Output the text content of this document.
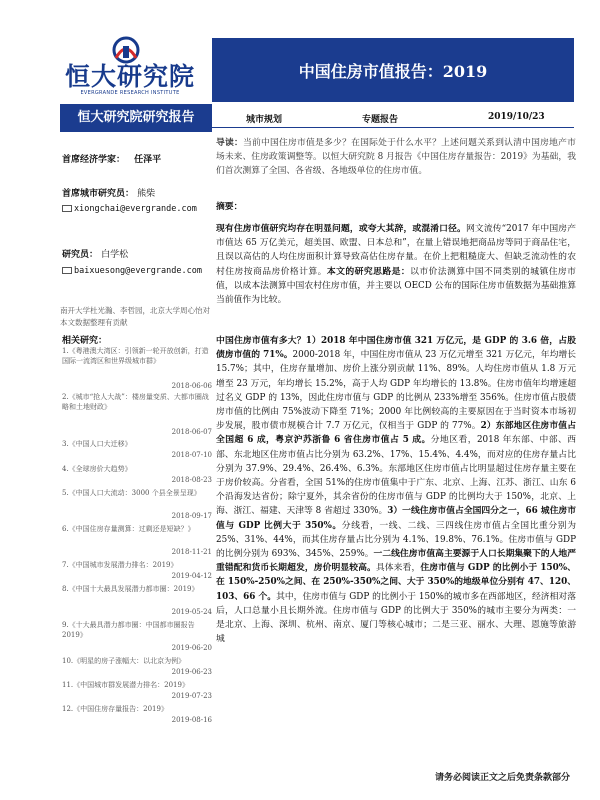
恒大研究院
EVERGRANDE RESEARCH INSTITUTE
中国住房市值报告：2019
城市规划	专题报告	2019/10/23
恒大研究院研究报告
首席经济学家： 任泽平
首席城市研究员： 熊柴
xiongchai@evergrande.com
研究员： 白学松
baixuesong@evergrande.com
南开大学杜光瀚、李哲园，北京大学周心怡对本文数据整理有贡献
相关研究：
1.《粤港澳大湾区：引领新一轮开放创新，打造国际一流湾区和世界级城市群》
2018-06-06
2.《城市“抢人大战”：楼房量变质、大都市圈战略和土地财政》
2018-06-07
3.《中国人口大迁移》
2018-07-10
4.《全球房价大趋势》
2018-08-23
5.《中国人口大流动：3000 个县全景呈现》
2018-09-17
6.《中国住房存量测算：过剩还是短缺？》
2018-11-21
7.《中国城市发展潜力排名：2019》
2019-04-12
8.《中国十大最具发展潜力都市圈：2019》
2019-05-24
9.《十大最具潜力都市圈：中国都市圈报告 2019》
2019-06-20
10.《明星的房子涨幅大：以北京为例》
2019-06-23
11.《中国城市群发展潜力排名：2019》
2019-07-23
12.《中国住房存量报告：2019》
2019-08-16
导读：当前中国住房市值是多少？在国际处于什么水平？上述问题关系到认清中国房地产市场未来、住房政策调整等。以恒大研究院 8 月报告《中国住房存量报告：2019》为基础，我们首次测算了全国、各省级、各地级单位的住房市值。
摘要：
现有住房市值研究均存在明显问题，或夸大其辞，或混淆口径。网文流传“2017 年中国房产市值达 65 万亿美元，超美国、欧盟、日本总和”，在量上错误地把商品房等同于商品住宅，且误以高估的人均住房面积计算导致高估住房存量。在价上把粗糙庞大、但缺乏流动性的农村住房按商品房价格计算。本文的研究思路是：以市价法测算中国不同类别的城镇住房市值，以成本法测算中国农村住房市值，并主要以 OECD 公布的国际住房市值数据为基础推算当前值作为比较。
中国住房市值有多大？1）2018 年中国住房市值 321 万亿元，是 GDP 的 3.6 倍，占股债房市值的 71%。2000-2018 年，中国住房市值从 23 万亿元增至 321 万亿元，年均增长 15.7%；其中，住房存量增加、房价上涨分别贡献 11%、89%。人均住房市值从 1.8 万元增至 23 万元，年均增长 15.2%，高于人均 GDP 年均增长的 13.8%。住房市值年均增速超过名义 GDP 的 13%，因此住房市值与 GDP 的比例从 233%增至 356%。住房市值占股债房市值的比例由 75%波动下降至 71%；2000 年比例较高的主要原因在于当时资本市场初步发展，股市债市规模合计 7.7 万亿元，仅相当于 GDP 的 77%。2）东部地区住房市值占全国超 6 成，粤京沪苏浙鲁 6 省住房市值占 5 成。分地区看，2018 年东部、中部、西部、东北地区住房市值占比分别为 63.2%、17%、15.4%、4.4%，而对应的住房存量占比分别为 37.9%、29.4%、26.4%、6.3%。东部地区住房市值占比明显超过住房存量主要在于房价较高。分省看，全国 51%的住房市值集中于广东、北京、上海、江苏、浙江、山东 6 个沿海发达省份；除宁夏外，其余省份的住房市值与 GDP 的比例均大于 150%，北京、上海、浙江、福建、天津等 8 省超过 330%。3）一线住房市值占全国四分之一，66 城住房市值与 GDP 比例大于 350%。分线看，一线、二线、三四线住房市值占全国比重分别为 25%、31%、44%，而其住房存量占比分别为 4.1%、19.8%、76.1%。住房市值与 GDP 的比例分别为 693%、345%、259%。一二线住房市值高主要源于人口长期集聚下的人地严重错配和货币长期超发，房价明显较高。具体来看，住房市值与 GDP 的比例小于 150%、在 150%-250%之间、在 250%-350%之间、大于 350%的地级单位分别有 47、120、103、66 个。其中，住房市值与 GDP 的比例小于 150%的城市多在西部地区，经济相对落后，人口总量小且长期外流。住房市值与 GDP 的比例大于 350%的城市主要分为两类：一是北京、上海、深圳、杭州、南京、厦门等核心城市；二是三亚、丽水、大理、恩施等旅游城
请务必阅读正文之后免责条款部分
